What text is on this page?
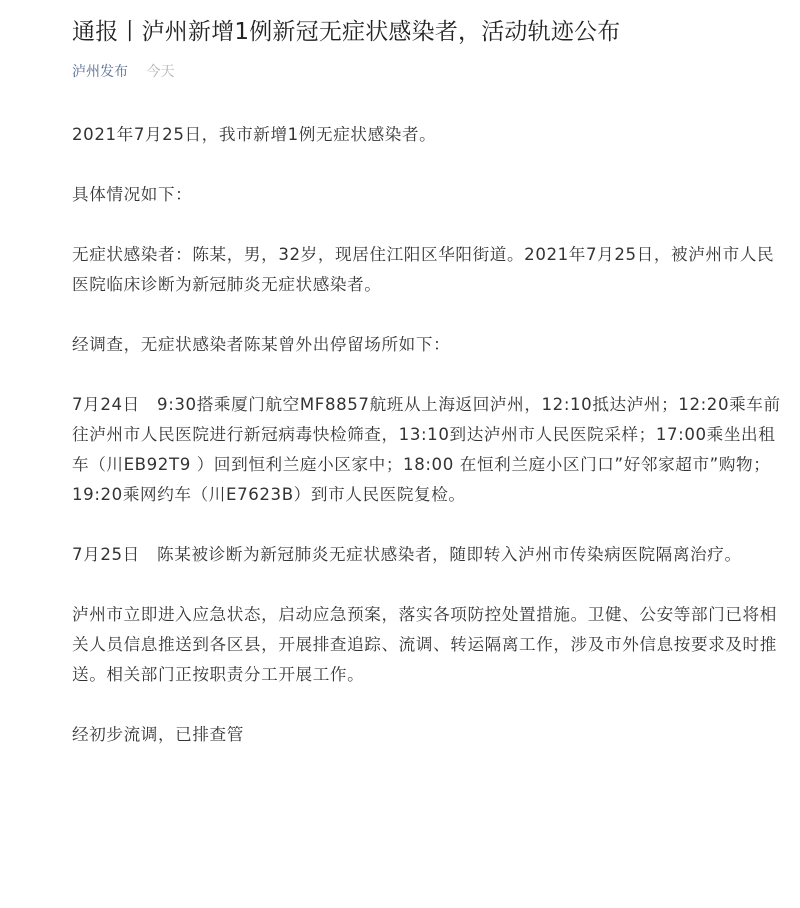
通报丨泸州新增1例新冠无症状感染者，活动轨迹公布
泸州发布 今天

2021年7月25日，我市新增1例无症状感染者。

具体情况如下：

无症状感染者：陈某，男，32岁，现居住江阳区华阳街道。2021年7月25日，被泸州市人民医院临床诊断为新冠肺炎无症状感染者。

经调查，无症状感染者陈某曾外出停留场所如下：

7月24日　9:30搭乘厦门航空MF8857航班从上海返回泸州，12:10抵达泸州；12:20乘车前往泸州市人民医院进行新冠病毒快检筛查，13:10到达泸州市人民医院采样；17:00乘坐出租车（川EB92T9 ）回到恒利兰庭小区家中；18:00 在恒利兰庭小区门口”好邻家超市”购物；19:20乘网约车（川E7623B）到市人民医院复检。

7月25日　陈某被诊断为新冠肺炎无症状感染者，随即转入泸州市传染病医院隔离治疗。

泸州市立即进入应急状态，启动应急预案，落实各项防控处置措施。卫健、公安等部门已将相关人员信息推送到各区县，开展排查追踪、流调、转运隔离工作，涉及市外信息按要求及时推送。相关部门正按职责分工开展工作。

经初步流调，已排查管
